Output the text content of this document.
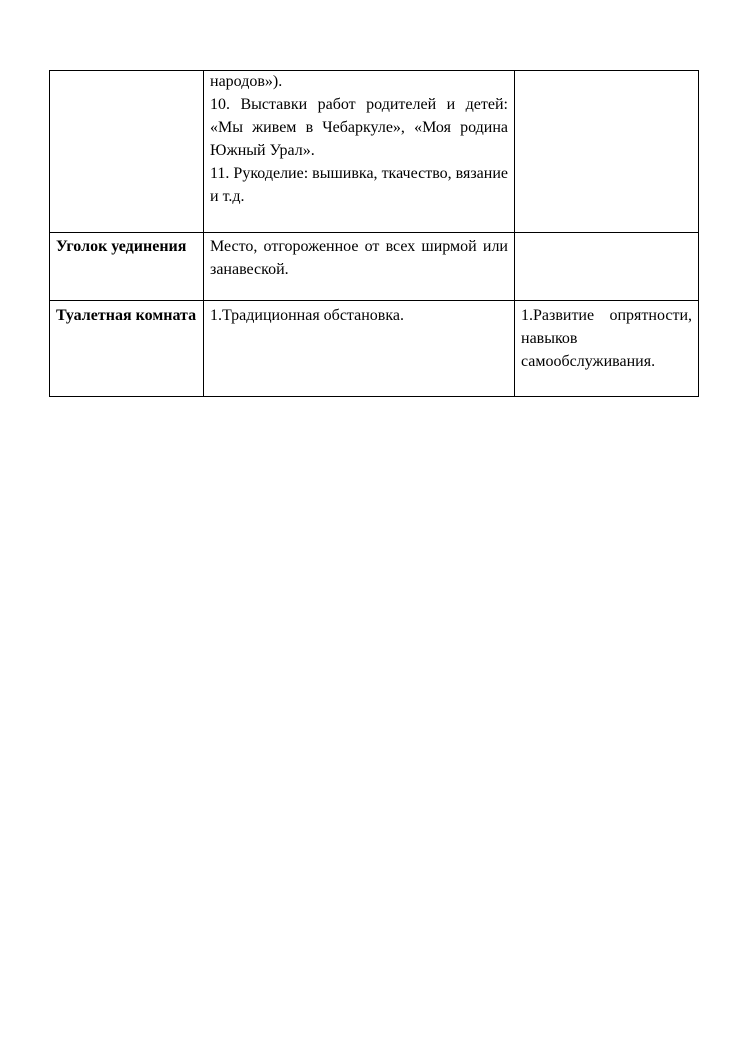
	народов»).
10. Выставки работ родителей и детей: «Мы живем в Чебаркуле», «Моя родина Южный Урал».
11. Рукоделие: вышивка, ткачество, вязание и т.д.	

Уголок уединения	Место, отгороженное от всех ширмой или занавеской.	

Туалетная комната	1.Традиционная обстановка.	1.Развитие опрятности, навыков самообслуживания.
